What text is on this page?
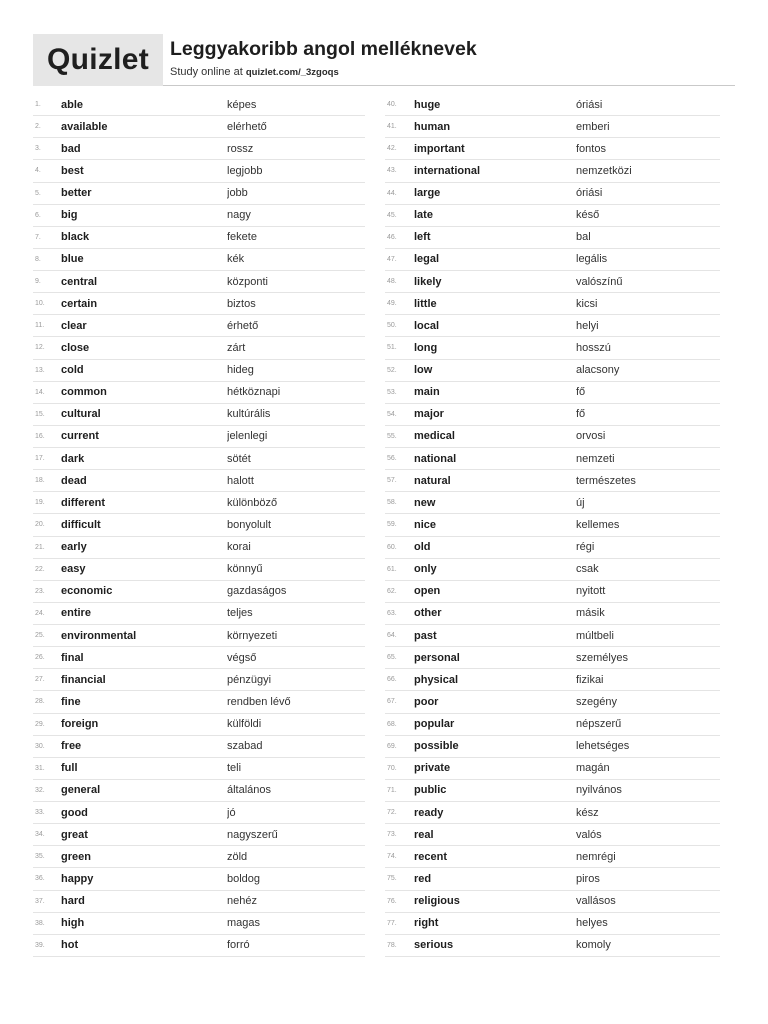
Quizlet Leggyakoribb angol melléknevek
Study online at quizlet.com/_3zgoqs
1.	able	képes
2.	available	elérhető
3.	bad	rossz
4.	best	legjobb
5.	better	jobb
6.	big	nagy
7.	black	fekete
8.	blue	kék
9.	central	központi
10.	certain	biztos
11.	clear	érhető
12.	close	zárt
13.	cold	hideg
14.	common	hétköznapi
15.	cultural	kultúrális
16.	current	jelenlegi
17.	dark	sötét
18.	dead	halott
19.	different	különböző
20.	difficult	bonyolult
21.	early	korai
22.	easy	könnyű
23.	economic	gazdaságos
24.	entire	teljes
25.	environmental	környezeti
26.	final	végső
27.	financial	pénzügyi
28.	fine	rendben lévő
29.	foreign	külföldi
30.	free	szabad
31.	full	teli
32.	general	általános
33.	good	jó
34.	great	nagyszerű
35.	green	zöld
36.	happy	boldog
37.	hard	nehéz
38.	high	magas
39.	hot	forró
40.	huge	óriási
41.	human	emberi
42.	important	fontos
43.	international	nemzetközi
44.	large	óriási
45.	late	késő
46.	left	bal
47.	legal	legális
48.	likely	valószínű
49.	little	kicsi
50.	local	helyi
51.	long	hosszú
52.	low	alacsony
53.	main	fő
54.	major	fő
55.	medical	orvosi
56.	national	nemzeti
57.	natural	természetes
58.	new	új
59.	nice	kellemes
60.	old	régi
61.	only	csak
62.	open	nyitott
63.	other	másik
64.	past	múltbeli
65.	personal	személyes
66.	physical	fizikai
67.	poor	szegény
68.	popular	népszerű
69.	possible	lehetséges
70.	private	magán
71.	public	nyilvános
72.	ready	kész
73.	real	valós
74.	recent	nemrégi
75.	red	piros
76.	religious	vallásos
77.	right	helyes
78.	serious	komoly
